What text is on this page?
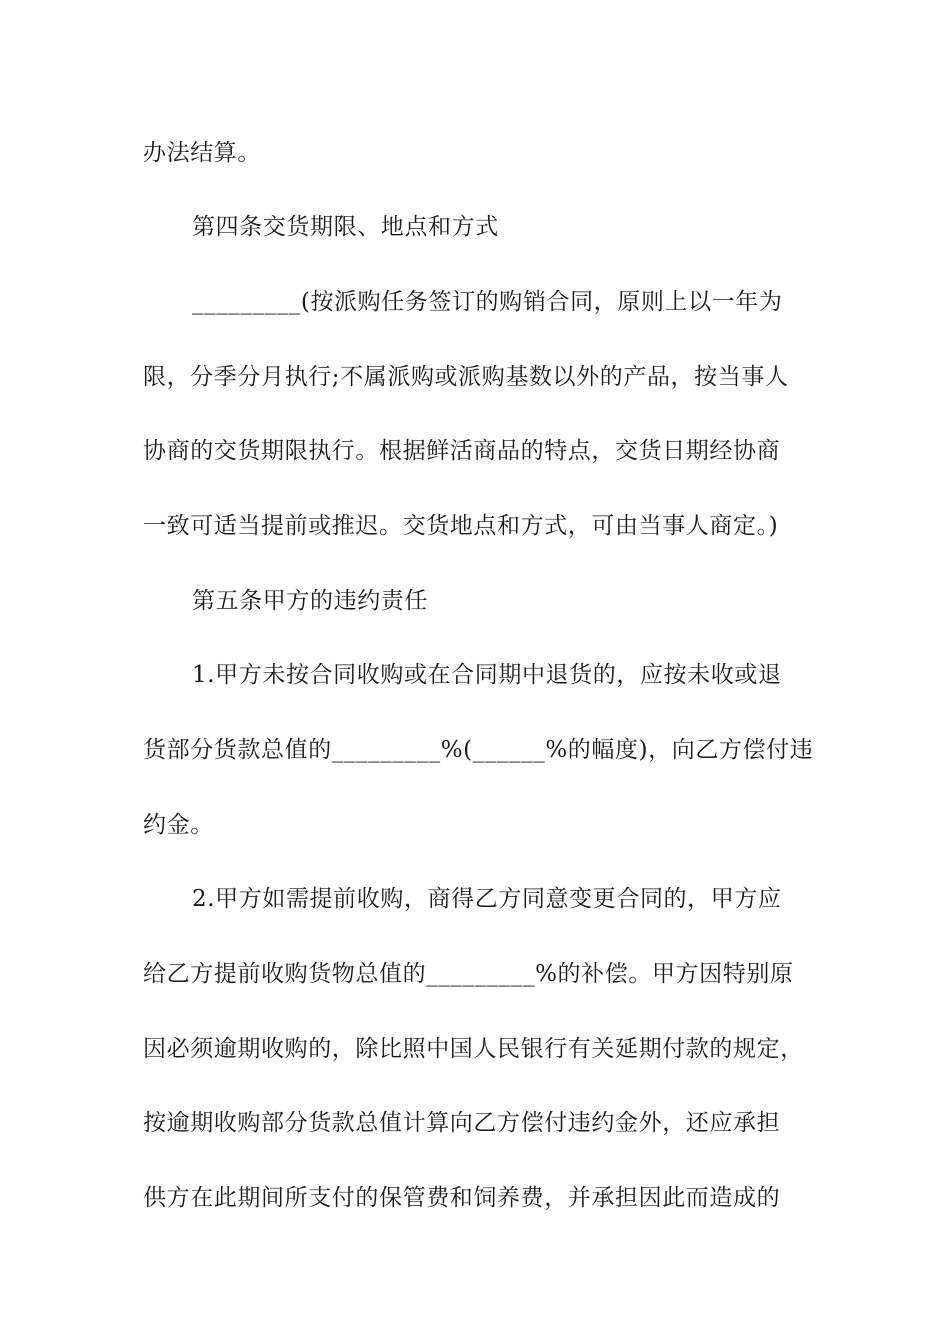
办法结算。
第四条交货期限、地点和方式
_________(按派购任务签订的购销合同，原则上以一年为
限，分季分月执行;不属派购或派购基数以外的产品，按当事人
协商的交货期限执行。根据鲜活商品的特点，交货日期经协商
一致可适当提前或推迟。交货地点和方式，可由当事人商定。)
第五条甲方的违约责任
1.甲方未按合同收购或在合同期中退货的，应按未收或退
货部分货款总值的_________%(______%的幅度)，向乙方偿付违
约金。
2.甲方如需提前收购，商得乙方同意变更合同的，甲方应
给乙方提前收购货物总值的_________%的补偿。甲方因特别原
因必须逾期收购的，除比照中国人民银行有关延期付款的规定，
按逾期收购部分货款总值计算向乙方偿付违约金外，还应承担
供方在此期间所支付的保管费和饲养费，并承担因此而造成的
